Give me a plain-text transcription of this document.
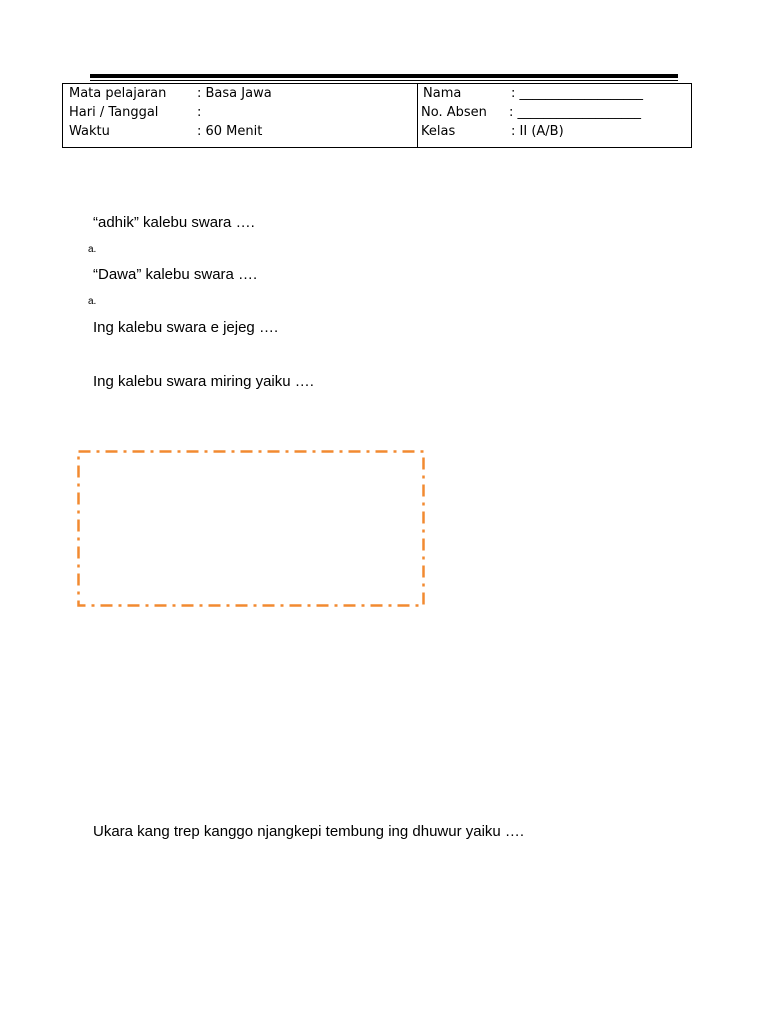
Mata pelajaran : Basa Jawa
Hari / Tanggal	:
Waktu	: 60 Menit
Nama	: ___________________
No. Absen : ___________________
Kelas	: II (A/B)
“adhik” kalebu swara ….
a.
“Dawa” kalebu swara ….
a.
Ing kalebu swara e jejeg ….
Ing kalebu swara miring yaiku ….
Ukara kang trep kanggo njangkepi tembung ing dhuwur yaiku ….
